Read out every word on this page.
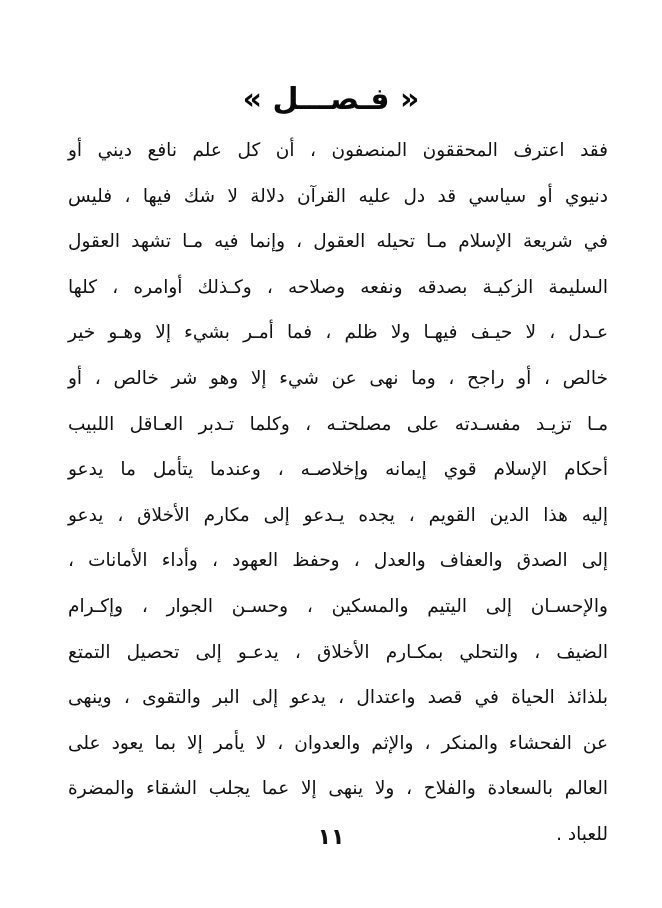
« فـصـــل »
فقد اعترف المحققون المنصفون ، أن كل علم نافع ديني أو
دنيوي أو سياسي قد دل عليه القرآن دلالة لا شك فيها ، فليس
في شريعة الإسلام مـا تحيله العقول ، وإنما فيه مـا تشهد العقول
السليمة الزكيـة بصدقه ونفعه وصلاحه ، وكـذلك أوامره ، كلها
عـدل ، لا حيـف فيهـا ولا ظلم ، فما أمـر بشيء إلا وهـو خير
خالص ، أو راجح ، وما نهى عن شيء إلا وهو شر خالص ، أو
مـا تزيـد مفسـدته على مصلحتـه ، وكلما تـدبر العـاقل اللبيب
أحكام الإسلام قوي إيمانه وإخلاصـه ، وعندما يتأمل ما يدعو
إليه هذا الدين القويم ، يجده يـدعو إلى مكارم الأخلاق ، يدعو
إلى الصدق والعفاف والعدل ، وحفظ العهود ، وأداء الأمانات ،
والإحسـان إلى اليتيم والمسكين ، وحسـن الجوار ، وإكـرام
الضيف ، والتحلي بمكـارم الأخلاق ، يدعـو إلى تحصيل التمتع
بلذائذ الحياة في قصد واعتدال ، يدعو إلى البر والتقوى ، وينهى
عن الفحشاء والمنكر ، والإثم والعدوان ، لا يأمر إلا بما يعود على
العالم بالسعادة والفلاح ، ولا ينهى إلا عما يجلب الشقاء والمضرة
للعباد .
١١
